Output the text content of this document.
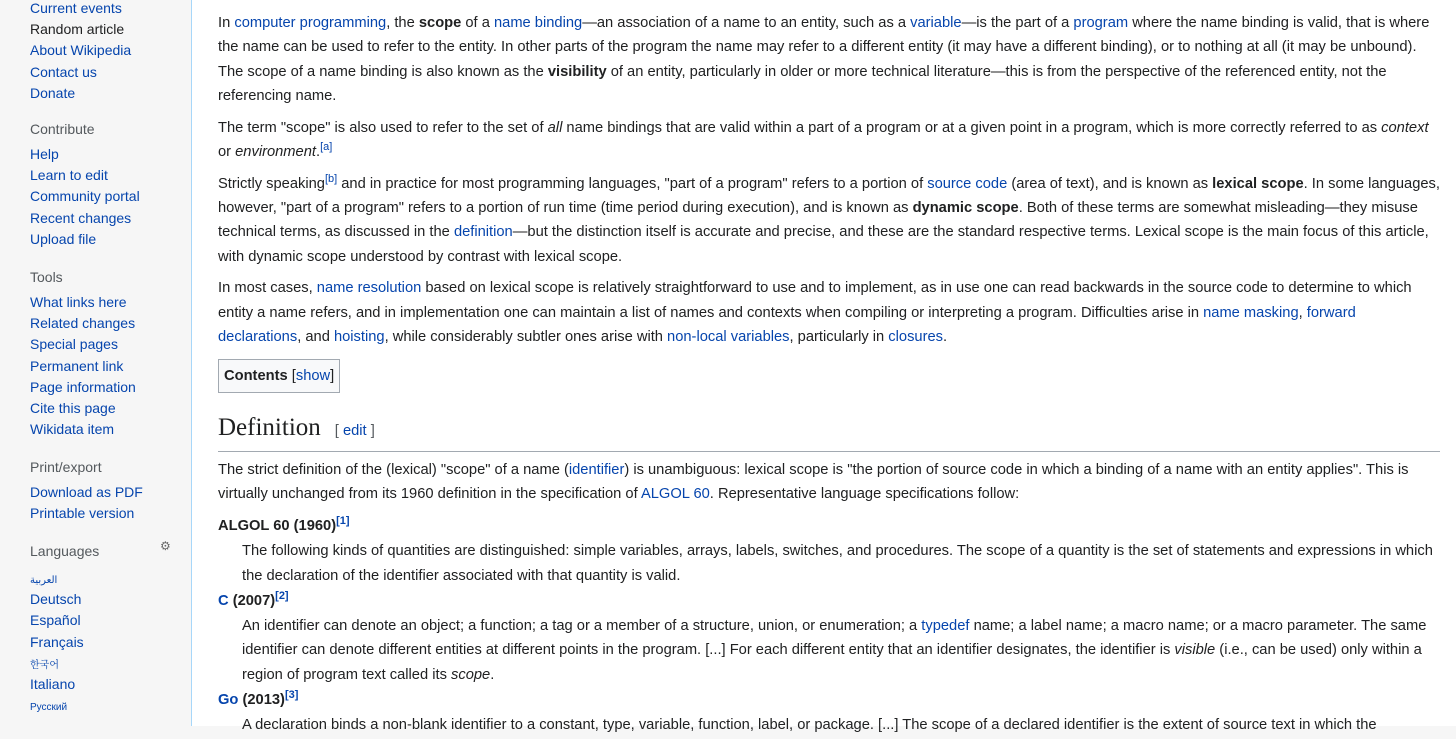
Current events
Random article
About Wikipedia
Contact us
Donate
Contribute
Help
Learn to edit
Community portal
Recent changes
Upload file
Tools
What links here
Related changes
Special pages
Permanent link
Page information
Cite this page
Wikidata item
Print/export
Download as PDF
Printable version
Languages	⚙
العربية
Deutsch
Español
Français
한국어
Italiano
Русский

In computer programming, the scope of a name binding—an association of a name to an entity, such as a variable—is the part of a program where the name binding is valid, that is where the name can be used to refer to the entity. In other parts of the program the name may refer to a different entity (it may have a different binding), or to nothing at all (it may be unbound). The scope of a name binding is also known as the visibility of an entity, particularly in older or more technical literature—this is from the perspective of the referenced entity, not the referencing name.

The term "scope" is also used to refer to the set of all name bindings that are valid within a part of a program or at a given point in a program, which is more correctly referred to as context or environment.[a]

Strictly speaking[b] and in practice for most programming languages, "part of a program" refers to a portion of source code (area of text), and is known as lexical scope. In some languages, however, "part of a program" refers to a portion of run time (time period during execution), and is known as dynamic scope. Both of these terms are somewhat misleading—they misuse technical terms, as discussed in the definition—but the distinction itself is accurate and precise, and these are the standard respective terms. Lexical scope is the main focus of this article, with dynamic scope understood by contrast with lexical scope.

In most cases, name resolution based on lexical scope is relatively straightforward to use and to implement, as in use one can read backwards in the source code to determine to which entity a name refers, and in implementation one can maintain a list of names and contexts when compiling or interpreting a program. Difficulties arise in name masking, forward declarations, and hoisting, while considerably subtler ones arise with non-local variables, particularly in closures.

Contents [show]
Definition [ edit ]

The strict definition of the (lexical) "scope" of a name (identifier) is unambiguous: lexical scope is "the portion of source code in which a binding of a name with an entity applies". This is virtually unchanged from its 1960 definition in the specification of ALGOL 60. Representative language specifications follow:

ALGOL 60 (1960)[1]
The following kinds of quantities are distinguished: simple variables, arrays, labels, switches, and procedures. The scope of a quantity is the set of statements and expressions in which the declaration of the identifier associated with that quantity is valid.
C (2007)[2]
An identifier can denote an object; a function; a tag or a member of a structure, union, or enumeration; a typedef name; a label name; a macro name; or a macro parameter. The same identifier can denote different entities at different points in the program. [...] For each different entity that an identifier designates, the identifier is visible (i.e., can be used) only within a region of program text called its scope.
Go (2013)[3]
A declaration binds a non-blank identifier to a constant, type, variable, function, label, or package. [...] The scope of a declared identifier is the extent of source text in which the
